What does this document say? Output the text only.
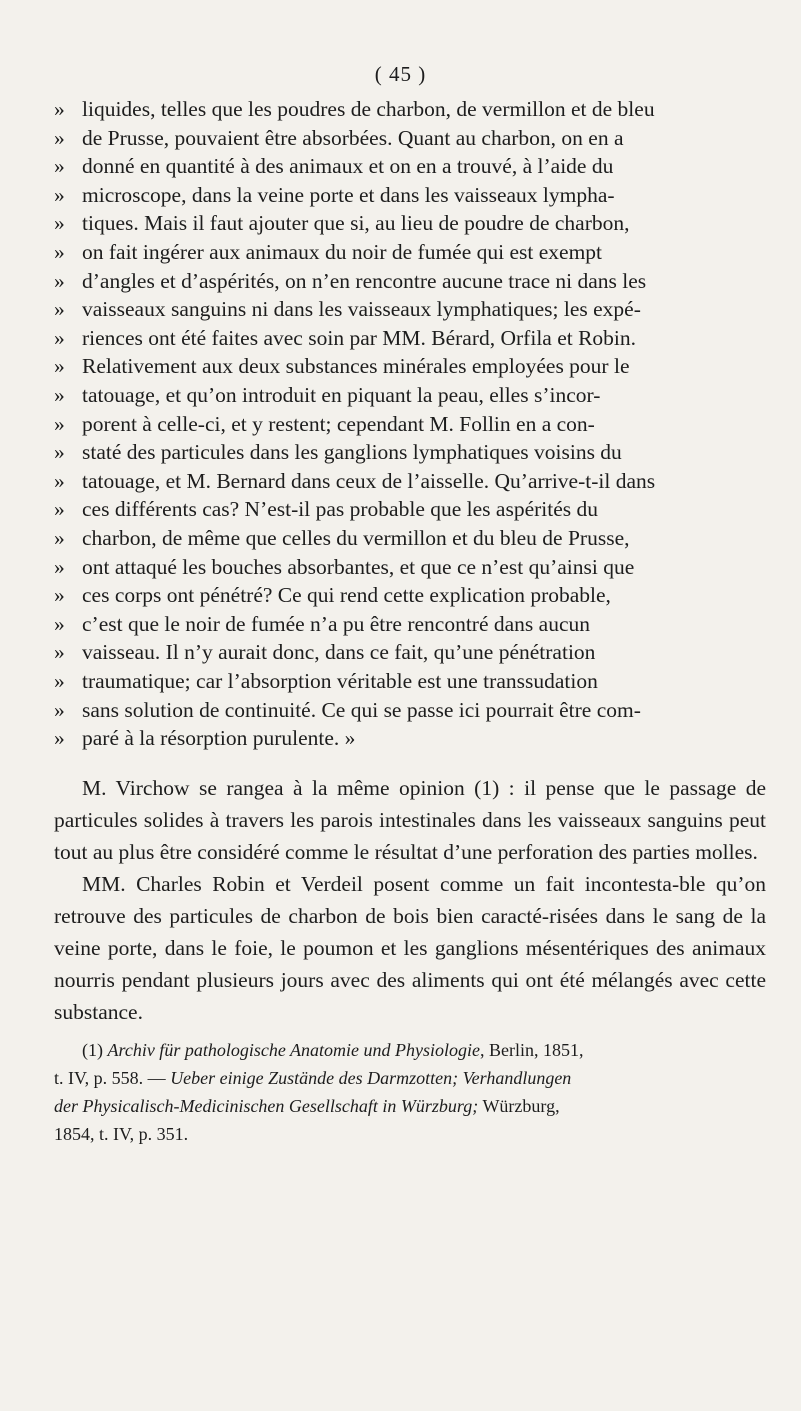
( 45 )
» liquides, telles que les poudres de charbon, de vermillon et de bleu
» de Prusse, pouvaient être absorbées. Quant au charbon, on en a
» donné en quantité à des animaux et on en a trouvé, à l’aide du
» microscope, dans la veine porte et dans les vaisseaux lympha-
» tiques. Mais il faut ajouter que si, au lieu de poudre de charbon,
» on fait ingérer aux animaux du noir de fumée qui est exempt
» d’angles et d’aspérités, on n’en rencontre aucune trace ni dans les
» vaisseaux sanguins ni dans les vaisseaux lymphatiques; les expé-
» riences ont été faites avec soin par MM. Bérard, Orfila et Robin.
» Relativement aux deux substances minérales employées pour le
» tatouage, et qu’on introduit en piquant la peau, elles s’incor-
» porent à celle-ci, et y restent; cependant M. Follin en a con-
» staté des particules dans les ganglions lymphatiques voisins du
» tatouage, et M. Bernard dans ceux de l’aisselle. Qu’arrive-t-il dans
» ces différents cas? N’est-il pas probable que les aspérités du
» charbon, de même que celles du vermillon et du bleu de Prusse,
» ont attaqué les bouches absorbantes, et que ce n’est qu’ainsi que
» ces corps ont pénétré? Ce qui rend cette explication probable,
» c’est que le noir de fumée n’a pu être rencontré dans aucun
» vaisseau. Il n’y aurait donc, dans ce fait, qu’une pénétration
» traumatique; car l’absorption véritable est une transsudation
» sans solution de continuité. Ce qui se passe ici pourrait être com-
» paré à la résorption purulente. »

M. Virchow se rangea à la même opinion (1) : il pense que le passage de particules solides à travers les parois intestinales dans les vaisseaux sanguins peut tout au plus être considéré comme le résultat d’une perforation des parties molles.

MM. Charles Robin et Verdeil posent comme un fait incontesta-ble qu’on retrouve des particules de charbon de bois bien caracté-risées dans le sang de la veine porte, dans le foie, le poumon et les ganglions mésentériques des animaux nourris pendant plusieurs jours avec des aliments qui ont été mélangés avec cette substance.

(1) Archiv für pathologische Anatomie und Physiologie, Berlin, 1851,

t. IV, p. 558. — Ueber einige Zustände des Darmzotten; Verhandlungen
der Physicalisch-Medicinischen Gesellschaft in Würzburg; Würzburg,
1854, t. IV, p. 351.
